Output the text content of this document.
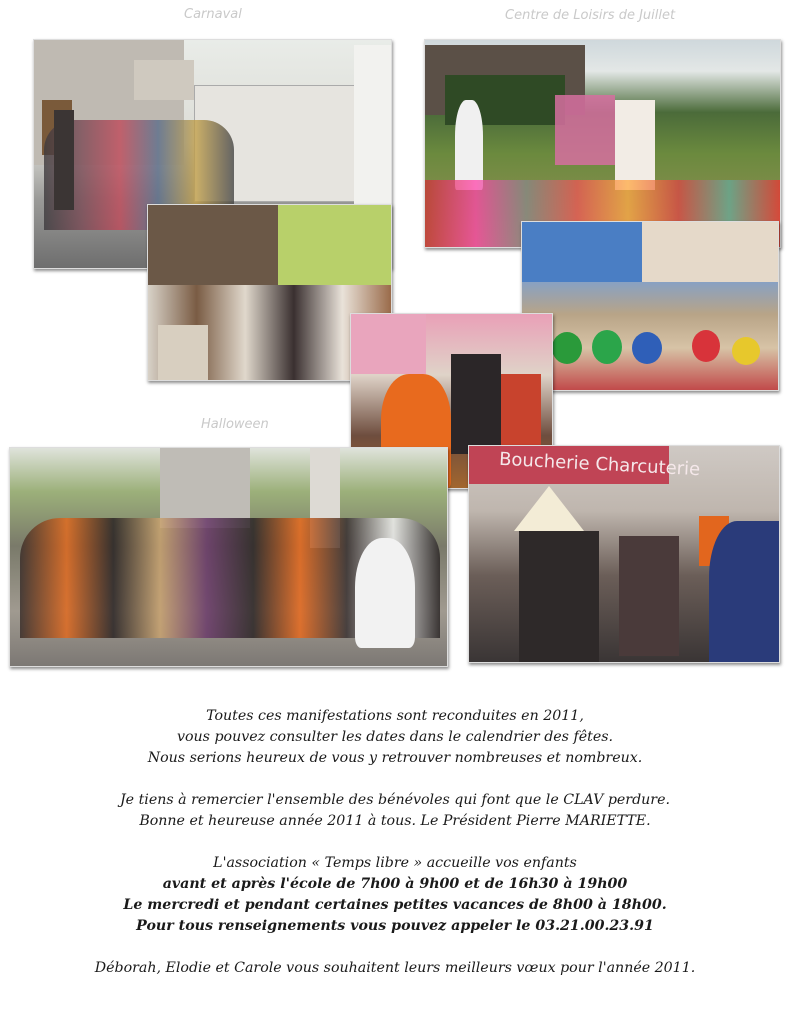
Carnaval	Centre de Loisirs de Juillet
Halloween
Boucherie Charcuterie

Toutes ces manifestations sont reconduites en 2011,
vous pouvez consulter les dates dans le calendrier des fêtes.
Nous serions heureux de vous y retrouver nombreuses et nombreux.

Je tiens à remercier l'ensemble des bénévoles qui font que le CLAV perdure.
Bonne et heureuse année 2011 à tous. Le Président Pierre MARIETTE.

L'association « Temps libre » accueille vos enfants
avant et après l'école de 7h00 à 9h00 et de 16h30 à 19h00
Le mercredi et pendant certaines petites vacances de 8h00 à 18h00.
Pour tous renseignements vous pouvez appeler le 03.21.00.23.91

Déborah, Elodie et Carole vous souhaitent leurs meilleurs vœux pour l'année 2011.
